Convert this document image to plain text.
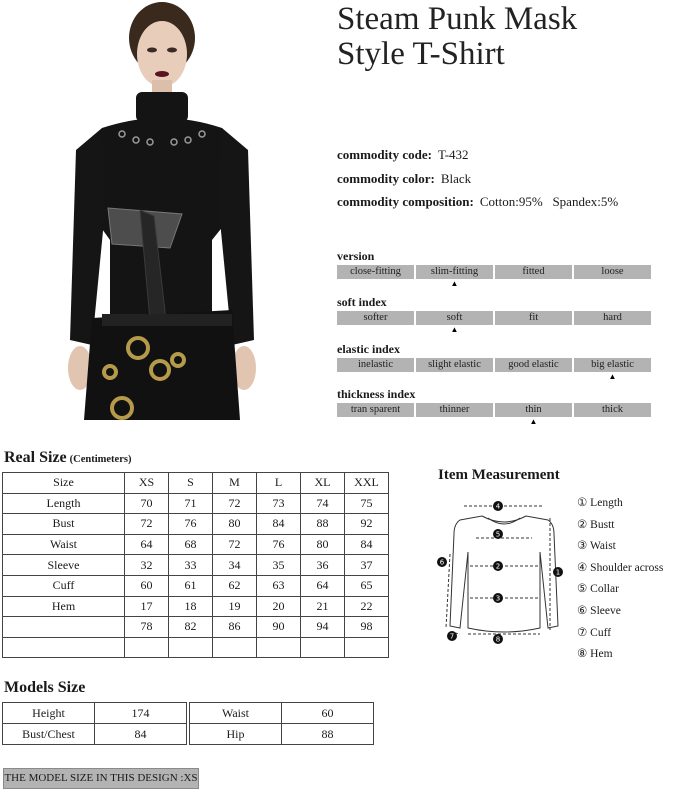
Steam Punk Mask
Style T-Shirt
commodity code: T-432
commodity color: Black
commodity composition: Cotton:95%   Spandex:5%
version
close-fitting	slim-fitting	fitted	loose
▲
soft index
softer	soft	fit	hard
▲
elastic index
inelastic	slight elastic	good elastic	big elastic
▲
thickness index
tran sparent	thinner	thin	thick
▲
Real Size (Centimeters)
Size	XS	S	M	L	XL	XXL
Length	70	71	72	73	74	75
Bust	72	76	80	84	88	92
Waist	64	68	72	76	80	84
Sleeve	32	33	34	35	36	37
Cuff	60	61	62	63	64	65
Hem	17	18	19	20	21	22
	78	82	86	90	94	98

Item Measurement
4
5
2
3
1
6
7	8
① Length
② Bustt
③ Waist
④ Shoulder across
⑤ Collar
⑥ Sleeve
⑦ Cuff
⑧ Hem
Models Size
Height	174
Bust/Chest	84
Waist	60
Hip	88
THE MODEL SIZE IN THIS DESIGN :XS
